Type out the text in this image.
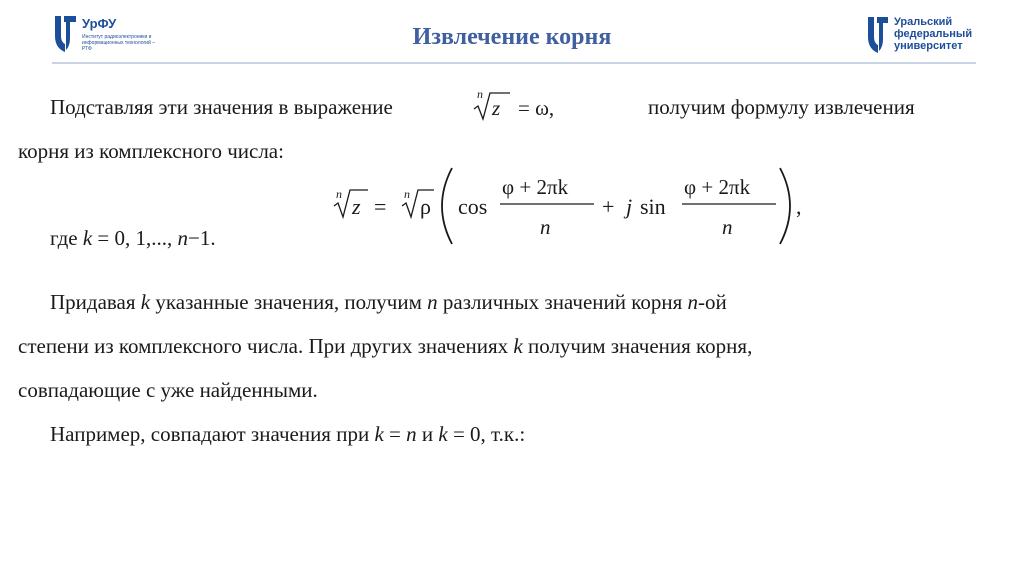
УрФУ
Институт радиоэлектроники и информационных технологий – РТФ	Извлечение корня
Уральский
федеральный
университет
Подставляя эти значения в выражение
n
z = ω,	получим формулу извлечения
корня из комплексного числа:
n z = n ρ cos
φ + 2πk
n
+ j sin
φ + 2πk
n
,
где k = 0, 1,..., n−1.
Придавая k указанные значения, получим n различных значений корня n-ой
степени из комплексного числа. При других значениях k получим значения корня,
совпадающие с уже найденными.
Например, совпадают значения при k = n и k = 0, т.к.:
